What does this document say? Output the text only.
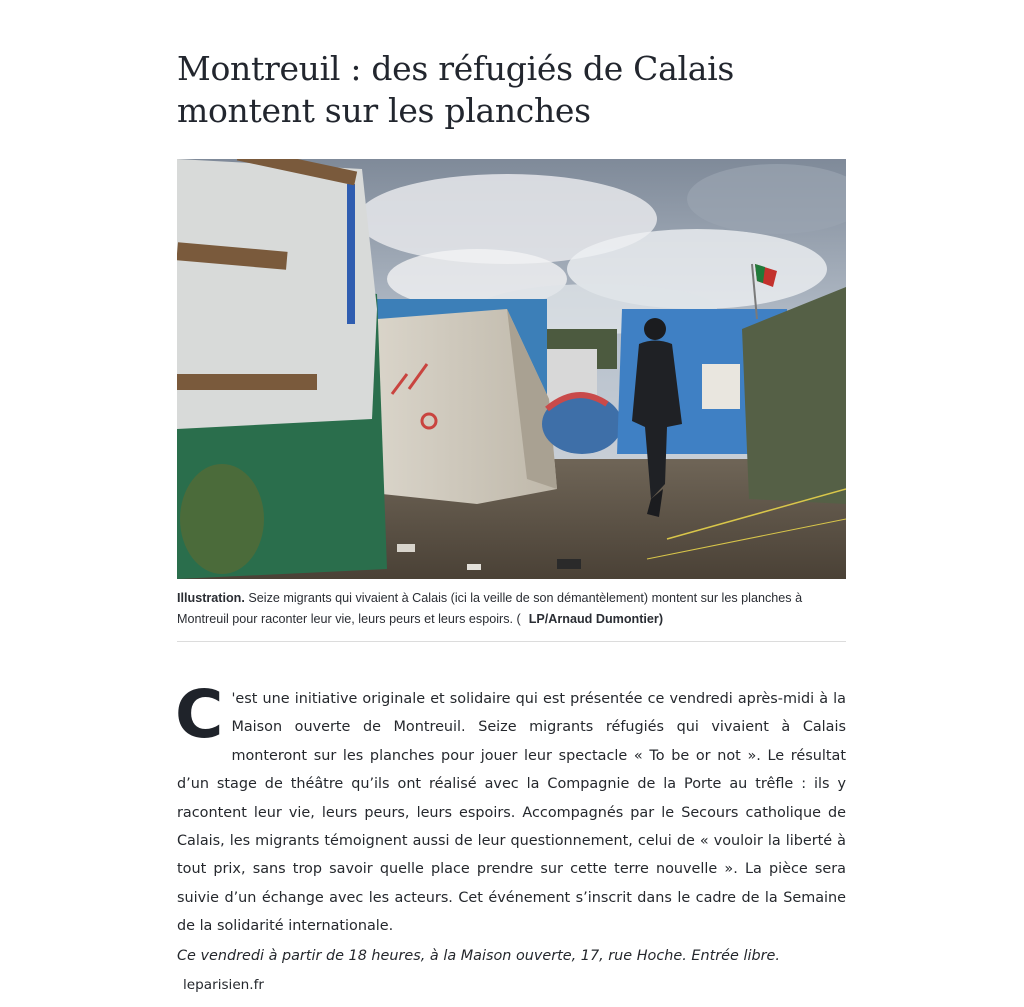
Montreuil : des réfugiés de Calais montent sur les planches
Illustration. Seize migrants qui vivaient à Calais (ici la veille de son démantèlement) montent sur les planches à Montreuil pour raconter leur vie, leurs peurs et leurs espoirs. ( LP/Arnaud Dumontier)

C 'est une initiative originale et solidaire qui est présentée ce vendredi après-midi à la Maison ouverte de Montreuil. Seize migrants réfugiés qui vivaient à Calais monteront sur les planches pour jouer leur spectacle « To be or not ». Le résultat d’un stage de théâtre qu’ils ont réalisé avec la Compagnie de la Porte au trêfle : ils y racontent leur vie, leurs peurs, leurs espoirs. Accompagnés par le Secours catholique de Calais, les migrants témoignent aussi de leur questionnement, celui de « vouloir la liberté à tout prix, sans trop savoir quelle place prendre sur cette terre nouvelle ». La pièce sera suivie d’un échange avec les acteurs. Cet événement s’inscrit dans le cadre de la Semaine de la solidarité internationale.

Ce vendredi à partir de 18 heures, à la Maison ouverte, 17, rue Hoche. Entrée libre.

leparisien.fr
